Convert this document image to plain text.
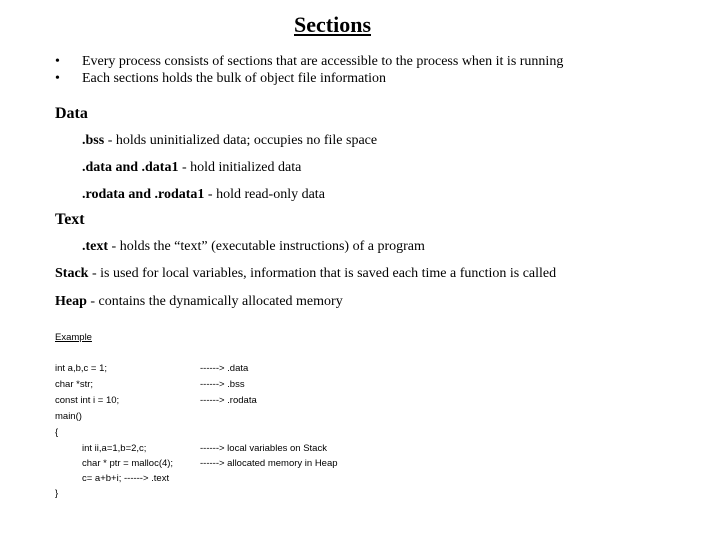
Sections
• Every process consists of sections that are accessible to the process when it is running
• Each sections holds the bulk of object file information
Data
.bss - holds uninitialized data; occupies no file space
.data and .data1 - hold initialized data
.rodata and .rodata1 - hold read-only data
Text
.text - holds the “text” (executable instructions) of a program
Stack - is used for local variables, information that is saved each time a function is called
Heap - contains the dynamically allocated memory
Example
int a,b,c = 1;	------> .data
char *str;	------> .bss
const int i = 10;	------> .rodata
main()
{
int ii,a=1,b=2,c;	------> local variables on Stack
char * ptr = malloc(4);	------> allocated memory in Heap
c= a+b+i; ------> .text
}
